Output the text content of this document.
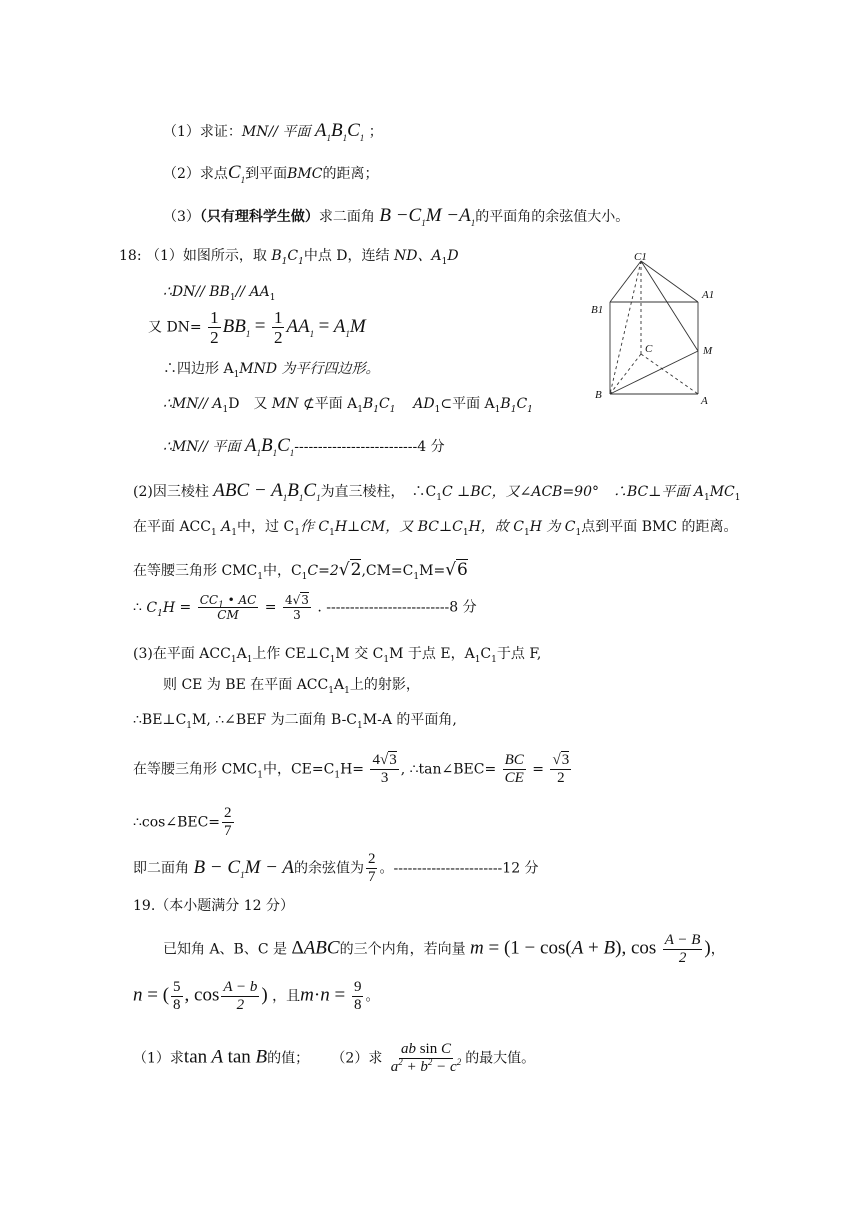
（1）求证：MN// 平面 $A_1B_1C_1$ ；
（2）求点$C_1$到平面BMC的距离；
（3）（只有理科学生做）求二面角 $B -C_1M -A_1$的平面角的余弦值大小。
18: （1）如图所示，取 $B_1C_1$中点 D，连结 ND、$A_1D$
∴DN// $BB_1//$ $AA_1$
又 $DN= \frac{1}{2} BB_1 = \frac{1}{2} AA_1 = A_1M$
∴四边形 $A_1MND$ 为平行四边形。
∴MN// $A_1D$　又 MN ⊄平面 $A_1B_1C_1$ $AD_1\subset$平面 $A_1B_1C_1$
∴MN// 平面 $A_1B_1C_1--------------------------4$ 分
C1
A1
B1
C	M
B	A
(2)因三棱柱 ABC − $A_1B_1C_1$为直三棱柱，　$\therefore C_1C$ ⊥BC，又∠ACB=90°　∴BC⊥平面 $A_1MC_1$
在平面 $ACC_1$ $A_1$中，过 $C_1$作 $C_1H\perp CM$，又 $BC\perp C_1H$，故 $C_1H$ 为 $C_1$点到平面 BMC 的距离。
在等腰三角形 $CMC_1$中，$C_1C=2√2,CM=C_1M=√6$
∴ $C_1H = \frac{CC_1 • AC}{CM} = \frac{4√3}{3}$ . --------------------------8 分
(3)在平面 $ACC_1A_1$上作 $CE\perp C_1M$ 交 $C_1M$ 于点 E，$A_1C_1$于点 F,
则 CE 为 BE 在平面 $ACC_1A_1$上的射影，
$\therefore BE\perp C_1M$, ∴∠BEF 为二面角 $B-C_1M-A$ 的平面角,
在等腰三角形 $CMC_1$中，$CE=C_1H= \frac{4√3}{3}$ , ∴tan∠BEC= $\frac{BC}{CE} = \frac{√3}{2}$
∴cos∠BEC= $\frac{2}{7}$
即二面角 $B - C_1M - A$的余弦值为 $\frac{2}{7}$ 。-----------------------12 分
19.（本小题满分 12 分）
已知角 A、B、C 是 ΔABC的三个内角，若向量 m = (1 − cos(A + B), $\cos \frac{A - B}{2}$ )，
n = ( $\frac{5}{8}$ , $\cos \frac{A - b}{2}$ ) ，且$m\cdot n = \frac{9}{8}$ 。
（1）求tan A tan B的值； （2）求 $\frac{\text{ab sin C}}{a^2 + b^2 - c^2}$ 的最大值。
